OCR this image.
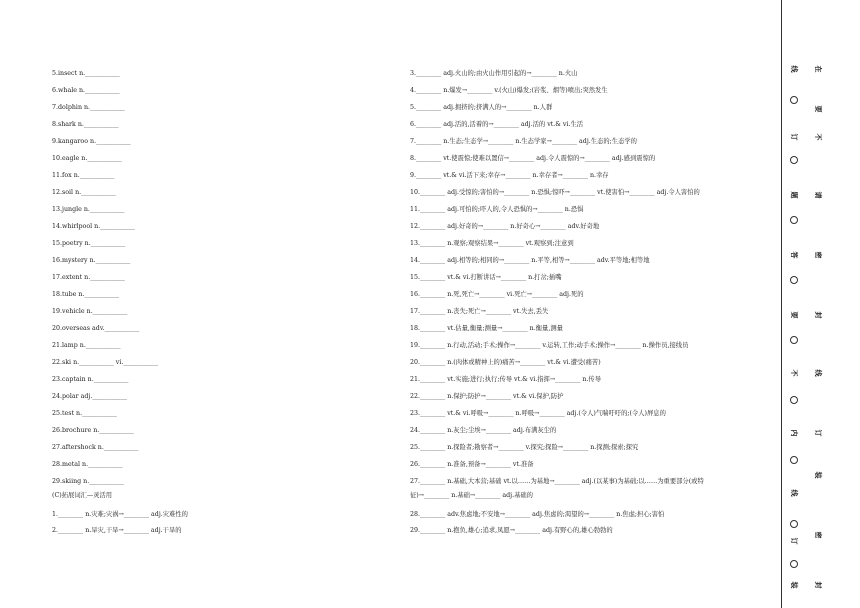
5.insect n.___________
6.whale n.___________
7.dolphin n.___________
8.shark n.___________
9.kangaroo n.___________
10.eagle n.___________
11.fox n.___________
12.soil n.___________
13.jungle n.___________
14.whirlpool n.___________
15.poetry n.___________
16.mystery n.___________
17.extent n.___________
18.tube n.___________
19.vehicle n.___________
20.overseas adv.___________
21.lamp n.___________
22.ski n.___________ vi.___________
23.captain n.___________
24.polar adj.___________
25.test n.___________
26.brochure n.___________
27.aftershock n.___________
28.metal n.___________
29.skiing n.___________
(C)拓展词汇—灵活用
1.________ n.灾难;灾祸→________ adj.灾难性的
2.________ n.旱灾,干旱→________ adj.干旱的
3.________ adj.火山的;由火山作用引起的→________ n.火山
4.________ n.爆发→________ v.(火山)爆发;(岩浆、烟等)喷出;突然发生
5.________ adj.拥挤的;挤满人的→________ n.人群
6.________ adj.活的,活着的→________ adj.活的 vt.& vi.生活
7.________ n.生态;生态学→________ n.生态学家→________ adj.生态的;生态学的
8.________ vt.使震惊;使难以置信→________ adj.令人震惊的→________ adj.感到震惊的
9.________ vt.& vi.活下来;幸存→________ n.幸存者→________ n.幸存
10.________ adj.受惊的;害怕的→________ n.恐惧;惊吓→________ vt.使害怕→________ adj.令人害怕的
11.________ adj.可怕的;吓人的,令人恐惧的→________ n.恐惧
12.________ adj.好奇的→________ n.好奇心→________ adv.好奇地
13.________ n.观察;观察结果→________ vt.观察到;注意到
14.________ adj.相等的;相同的→________ n.平等,相等→________ adv.平等地;相等地
15.________ vt.& vi.打断讲话→________ n.打岔;插嘴
16.________ n.死,死亡→________ vi.死亡→________ adj.死的
17.________ n.丧失;死亡→________ vt.失去,丢失
18.________ vt.估量,衡量;测量→________ n.衡量,测量
19.________ n.行动,活动;手术;操作→________ v.运转,工作;动手术;操作→________ n.操作员,接线员
20.________ n.(肉体或精神上的)痛苦→________ vt.& vi.遭受(痛苦)
21.________ vt.实施;进行;执行;传导 vt.& vi.指挥→________ n.传导
22.________ n.保护;防护→________ vt.& vi.保护,防护
23.________ vt.& vi.呼吸→________ n.呼吸→________ adj.(令人)气喘吁吁的;(令人)屏息的
24.________ n.灰尘;尘埃→________ adj.布满灰尘的
25.________ n.探险者;勘察者→________ v.探究;探险→________ n.探测;探索;探究
26.________ n.准备,预备→________ vt.准备
27.________ n.基础,大本营;基础 vt.以……为基地→________ adj.(以某事)为基础;以……为重要部分(或特
征)→________ n.基础→________ adj.基础的
28.________ adv.焦虑地;不安地→________ adj.焦虑的;渴望的→________ n.焦虑;担心;害怕
29.________ n.抱负,雄心;追求,凤愿→________ adj.有野心的,雄心勃勃的
线
订
题
答
要
不
内
线
订
装
在
要
不
请
密
封
线
订
装
密
封
